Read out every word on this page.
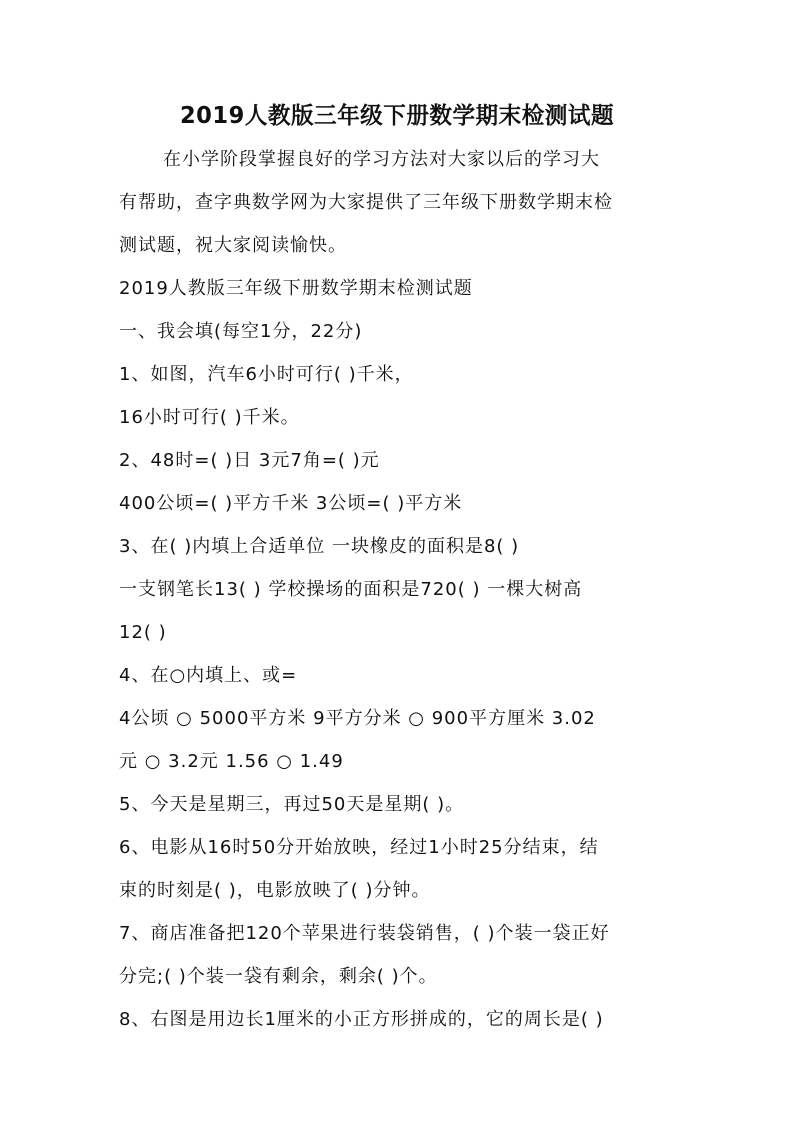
2019人教版三年级下册数学期末检测试题
在小学阶段掌握良好的学习方法对大家以后的学习大
有帮助，查字典数学网为大家提供了三年级下册数学期末检
测试题，祝大家阅读愉快。
2019人教版三年级下册数学期末检测试题
一、我会填(每空1分，22分)
1、如图，汽车6小时可行( )千米，
16小时可行( )千米。
2、48时=( )日 3元7角=( )元
400公顷=( )平方千米 3公顷=( )平方米
3、在( )内填上合适单位 一块橡皮的面积是8( )
一支钢笔长13( ) 学校操场的面积是720( ) 一棵大树高
12( )
4、在○内填上、或=
4公顷 ○ 5000平方米 9平方分米 ○ 900平方厘米 3.02
元 ○ 3.2元 1.56 ○ 1.49
5、今天是星期三，再过50天是星期( )。
6、电影从16时50分开始放映，经过1小时25分结束，结
束的时刻是( )，电影放映了( )分钟。
7、商店准备把120个苹果进行装袋销售，( )个装一袋正好
分完;( )个装一袋有剩余，剩余( )个。
8、右图是用边长1厘米的小正方形拼成的，它的周长是( )
